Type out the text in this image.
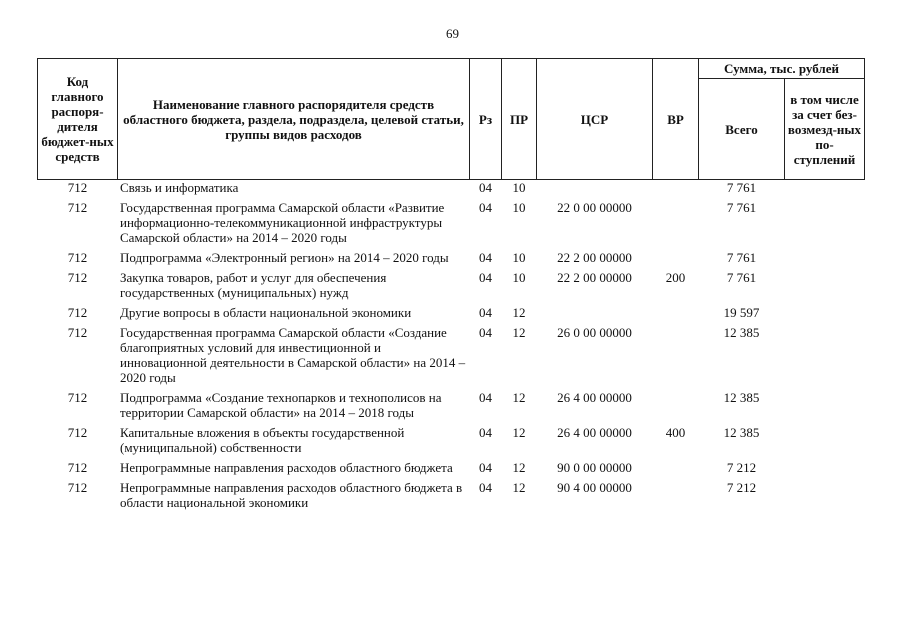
69
Код главного распоря-дителя бюджет-ных средств	Наименование главного распорядителя средств областного бюджета, раздела, подраздела, целевой статьи, группы видов расходов	Рз	ПР	ЦСР	ВР	Сумма, тыс. рублей	
						Всего	в том числе за счет без-возмезд-ных по-ступлений
712	Связь и информатика	04	10			7 761	
712	Государственная программа Самарской области «Развитие информационно-телекоммуникационной инфраструктуры Самарской области» на 2014 – 2020 годы	04	10	22 0 00 00000		7 761	
712	Подпрограмма «Электронный регион» на 2014 – 2020 годы	04	10	22 2 00 00000		7 761	
712	Закупка товаров, работ и услуг для обеспечения государственных (муниципальных) нужд	04	10	22 2 00 00000	200	7 761	
712	Другие вопросы в области национальной экономики	04	12			19 597	
712	Государственная программа Самарской области «Создание благоприятных условий для инвестиционной и инновационной деятельности в Самарской области» на 2014 – 2020 годы	04	12	26 0 00 00000		12 385	
712	Подпрограмма «Создание технопарков и технополисов на территории Самарской области» на 2014 – 2018 годы	04	12	26 4 00 00000		12 385	
712	Капитальные вложения в объекты государственной (муниципальной) собственности	04	12	26 4 00 00000	400	12 385	
712	Непрограммные направления расходов областного бюджета	04	12	90 0 00 00000		7 212	
712	Непрограммные направления расходов областного бюджета в области национальной экономики	04	12	90 4 00 00000		7 212	
